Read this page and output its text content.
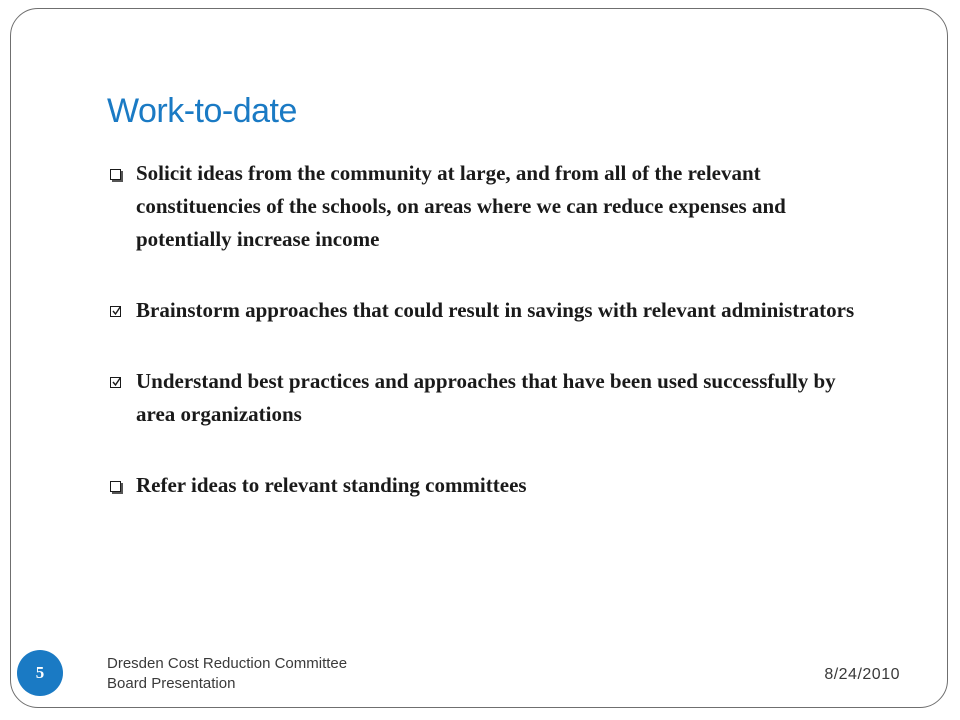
Work-to-date
Solicit ideas from the community at large, and from all of the relevant constituencies of the schools, on areas where we can reduce expenses and potentially increase income
Brainstorm approaches that could result in savings with relevant administrators
Understand best practices and approaches that have been used successfully by area organizations
Refer ideas to relevant standing committees
5	Dresden Cost Reduction Committee
Board Presentation
8/24/2010
